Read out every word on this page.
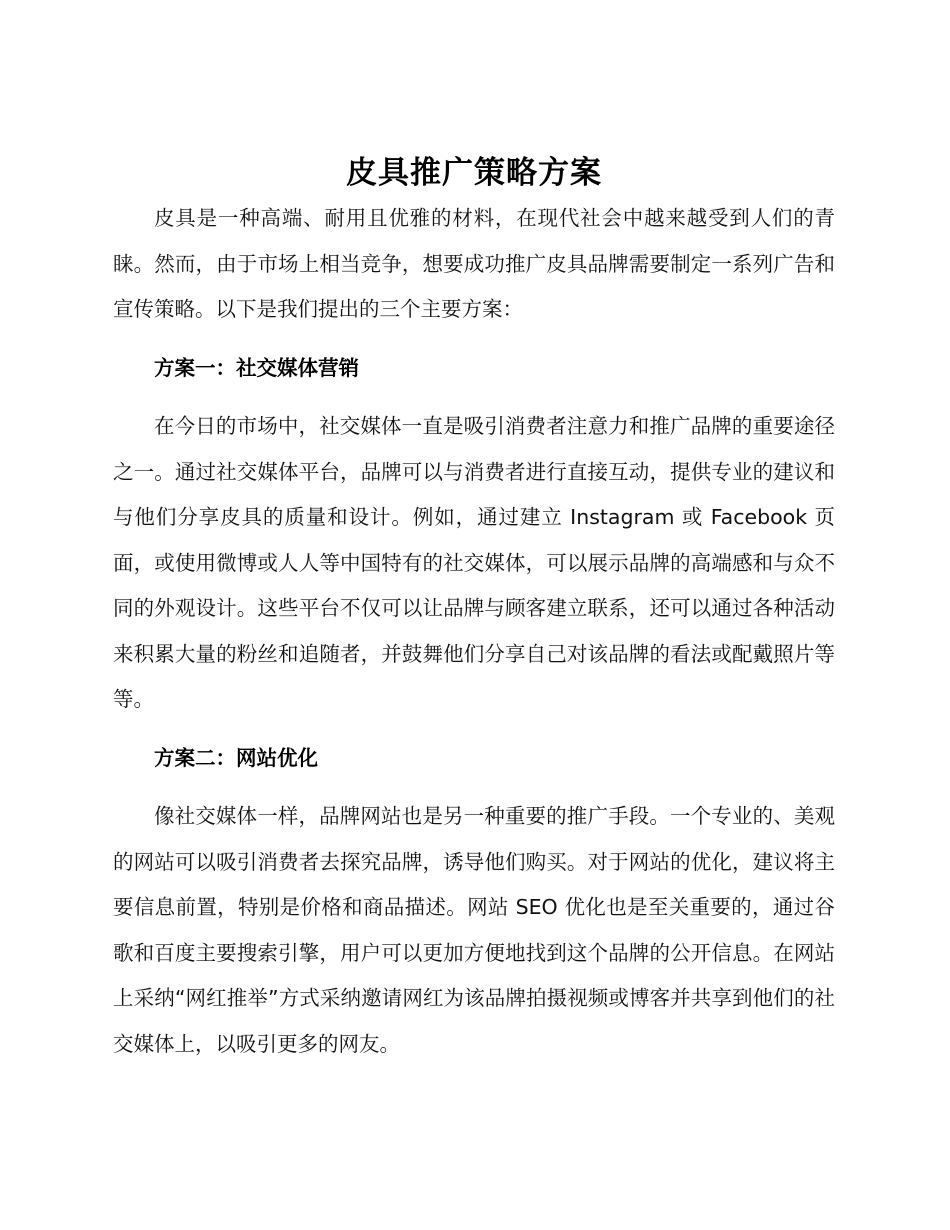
皮具推广策略方案

皮具是一种高端、耐用且优雅的材料，在现代社会中越来越受到人们的青睐。然而，由于市场上相当竞争，想要成功推广皮具品牌需要制定一系列广告和宣传策略。以下是我们提出的三个主要方案：

方案一：社交媒体营销

在今日的市场中，社交媒体一直是吸引消费者注意力和推广品牌的重要途径之一。通过社交媒体平台，品牌可以与消费者进行直接互动，提供专业的建议和与他们分享皮具的质量和设计。例如，通过建立 Instagram 或 Facebook 页面，或使用微博或人人等中国特有的社交媒体，可以展示品牌的高端感和与众不同的外观设计。这些平台不仅可以让品牌与顾客建立联系，还可以通过各种活动来积累大量的粉丝和追随者，并鼓舞他们分享自己对该品牌的看法或配戴照片等等。

方案二：网站优化

像社交媒体一样，品牌网站也是另一种重要的推广手段。一个专业的、美观的网站可以吸引消费者去探究品牌，诱导他们购买。对于网站的优化，建议将主要信息前置，特别是价格和商品描述。网站 SEO 优化也是至关重要的，通过谷歌和百度主要搜索引擎，用户可以更加方便地找到这个品牌的公开信息。在网站上采纳“网红推举”方式采纳邀请网红为该品牌拍摄视频或博客并共享到他们的社交媒体上，以吸引更多的网友。
